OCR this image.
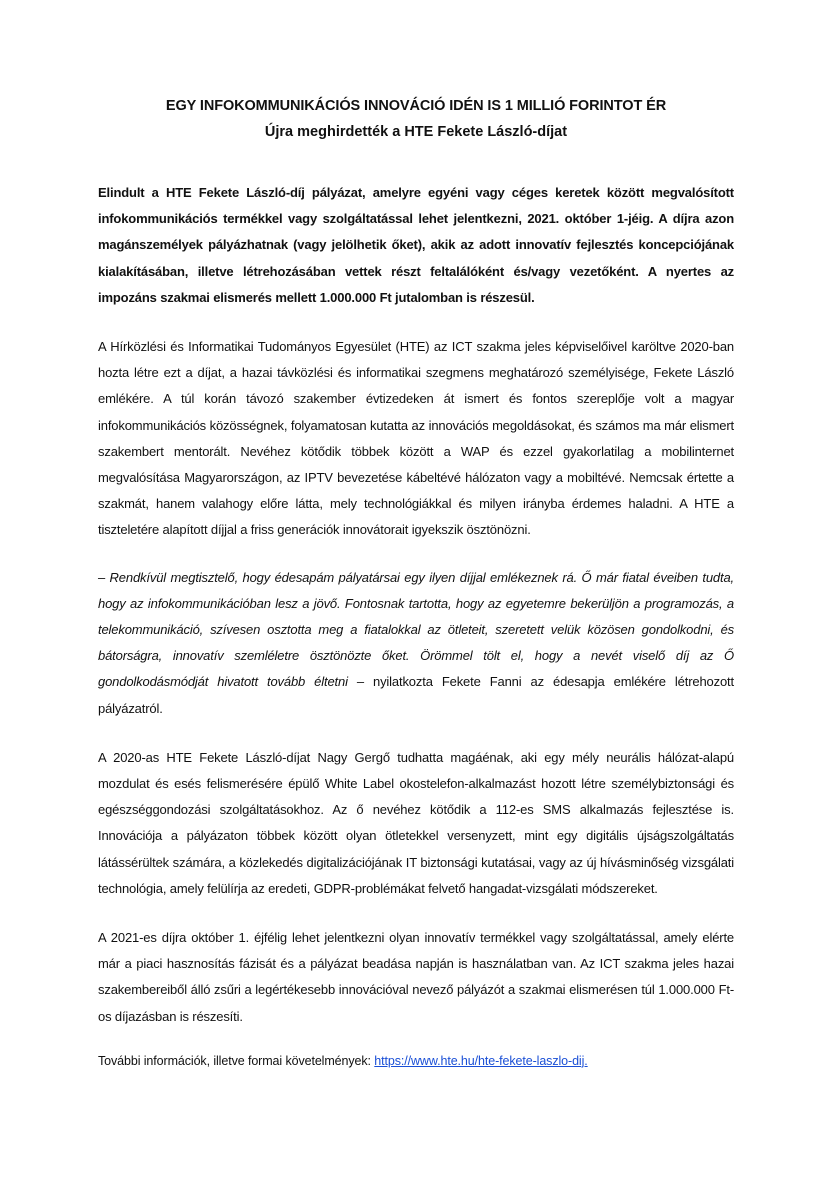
EGY INFOKOMMUNIKÁCIÓS INNOVÁCIÓ IDÉN IS 1 MILLIÓ FORINTOT ÉR
Újra meghirdették a HTE Fekete László-díjat
Elindult a HTE Fekete László-díj pályázat, amelyre egyéni vagy céges keretek között megvalósított infokommunikációs termékkel vagy szolgáltatással lehet jelentkezni, 2021. október 1-jéig. A díjra azon magánszemélyek pályázhatnak (vagy jelölhetik őket), akik az adott innovatív fejlesztés koncepciójának kialakításában, illetve létrehozásában vettek részt feltalálóként és/vagy vezetőként. A nyertes az impozáns szakmai elismerés mellett 1.000.000 Ft jutalomban is részesül.
A Hírközlési és Informatikai Tudományos Egyesület (HTE) az ICT szakma jeles képviselőivel karöltve 2020-ban hozta létre ezt a díjat, a hazai távközlési és informatikai szegmens meghatározó személyisége, Fekete László emlékére. A túl korán távozó szakember évtizedeken át ismert és fontos szereplője volt a magyar infokommunikációs közösségnek, folyamatosan kutatta az innovációs megoldásokat, és számos ma már elismert szakembert mentorált. Nevéhez kötődik többek között a WAP és ezzel gyakorlatilag a mobilinternet megvalósítása Magyarországon, az IPTV bevezetése kábeltévé hálózaton vagy a mobiltévé. Nemcsak értette a szakmát, hanem valahogy előre látta, mely technológiákkal és milyen irányba érdemes haladni. A HTE a tiszteletére alapított díjjal a friss generációk innovátorait igyekszik ösztönözni.
– Rendkívül megtisztelő, hogy édesapám pályatársai egy ilyen díjjal emlékeznek rá. Ő már fiatal éveiben tudta, hogy az infokommunikációban lesz a jövő. Fontosnak tartotta, hogy az egyetemre bekerüljön a programozás, a telekommunikáció, szívesen osztotta meg a fiatalokkal az ötleteit, szeretett velük közösen gondolkodni, és bátorságra, innovatív szemléletre ösztönözte őket. Örömmel tölt el, hogy a nevét viselő díj az Ő gondolkodásmódját hivatott tovább éltetni – nyilatkozta Fekete Fanni az édesapja emlékére létrehozott pályázatról.
A 2020-as HTE Fekete László-díjat Nagy Gergő tudhatta magáénak, aki egy mély neurális hálózat-alapú mozdulat és esés felismerésére épülő White Label okostelefon-alkalmazást hozott létre személybiztonsági és egészséggondozási szolgáltatásokhoz. Az ő nevéhez kötődik a 112-es SMS alkalmazás fejlesztése is. Innovációja a pályázaton többek között olyan ötletekkel versenyzett, mint egy digitális újságszolgáltatás látássérültek számára, a közlekedés digitalizációjának IT biztonsági kutatásai, vagy az új hívásminőség vizsgálati technológia, amely felülírja az eredeti, GDPR-problémákat felvető hangadat-vizsgálati módszereket.
A 2021-es díjra október 1. éjfélig lehet jelentkezni olyan innovatív termékkel vagy szolgáltatással, amely elérte már a piaci hasznosítás fázisát és a pályázat beadása napján is használatban van. Az ICT szakma jeles hazai szakembereiből álló zsűri a legértékesebb innovációval nevező pályázót a szakmai elismerésen túl 1.000.000 Ft-os díjazásban is részesíti.
További információk, illetve formai követelmények: https://www.hte.hu/hte-fekete-laszlo-dij.
